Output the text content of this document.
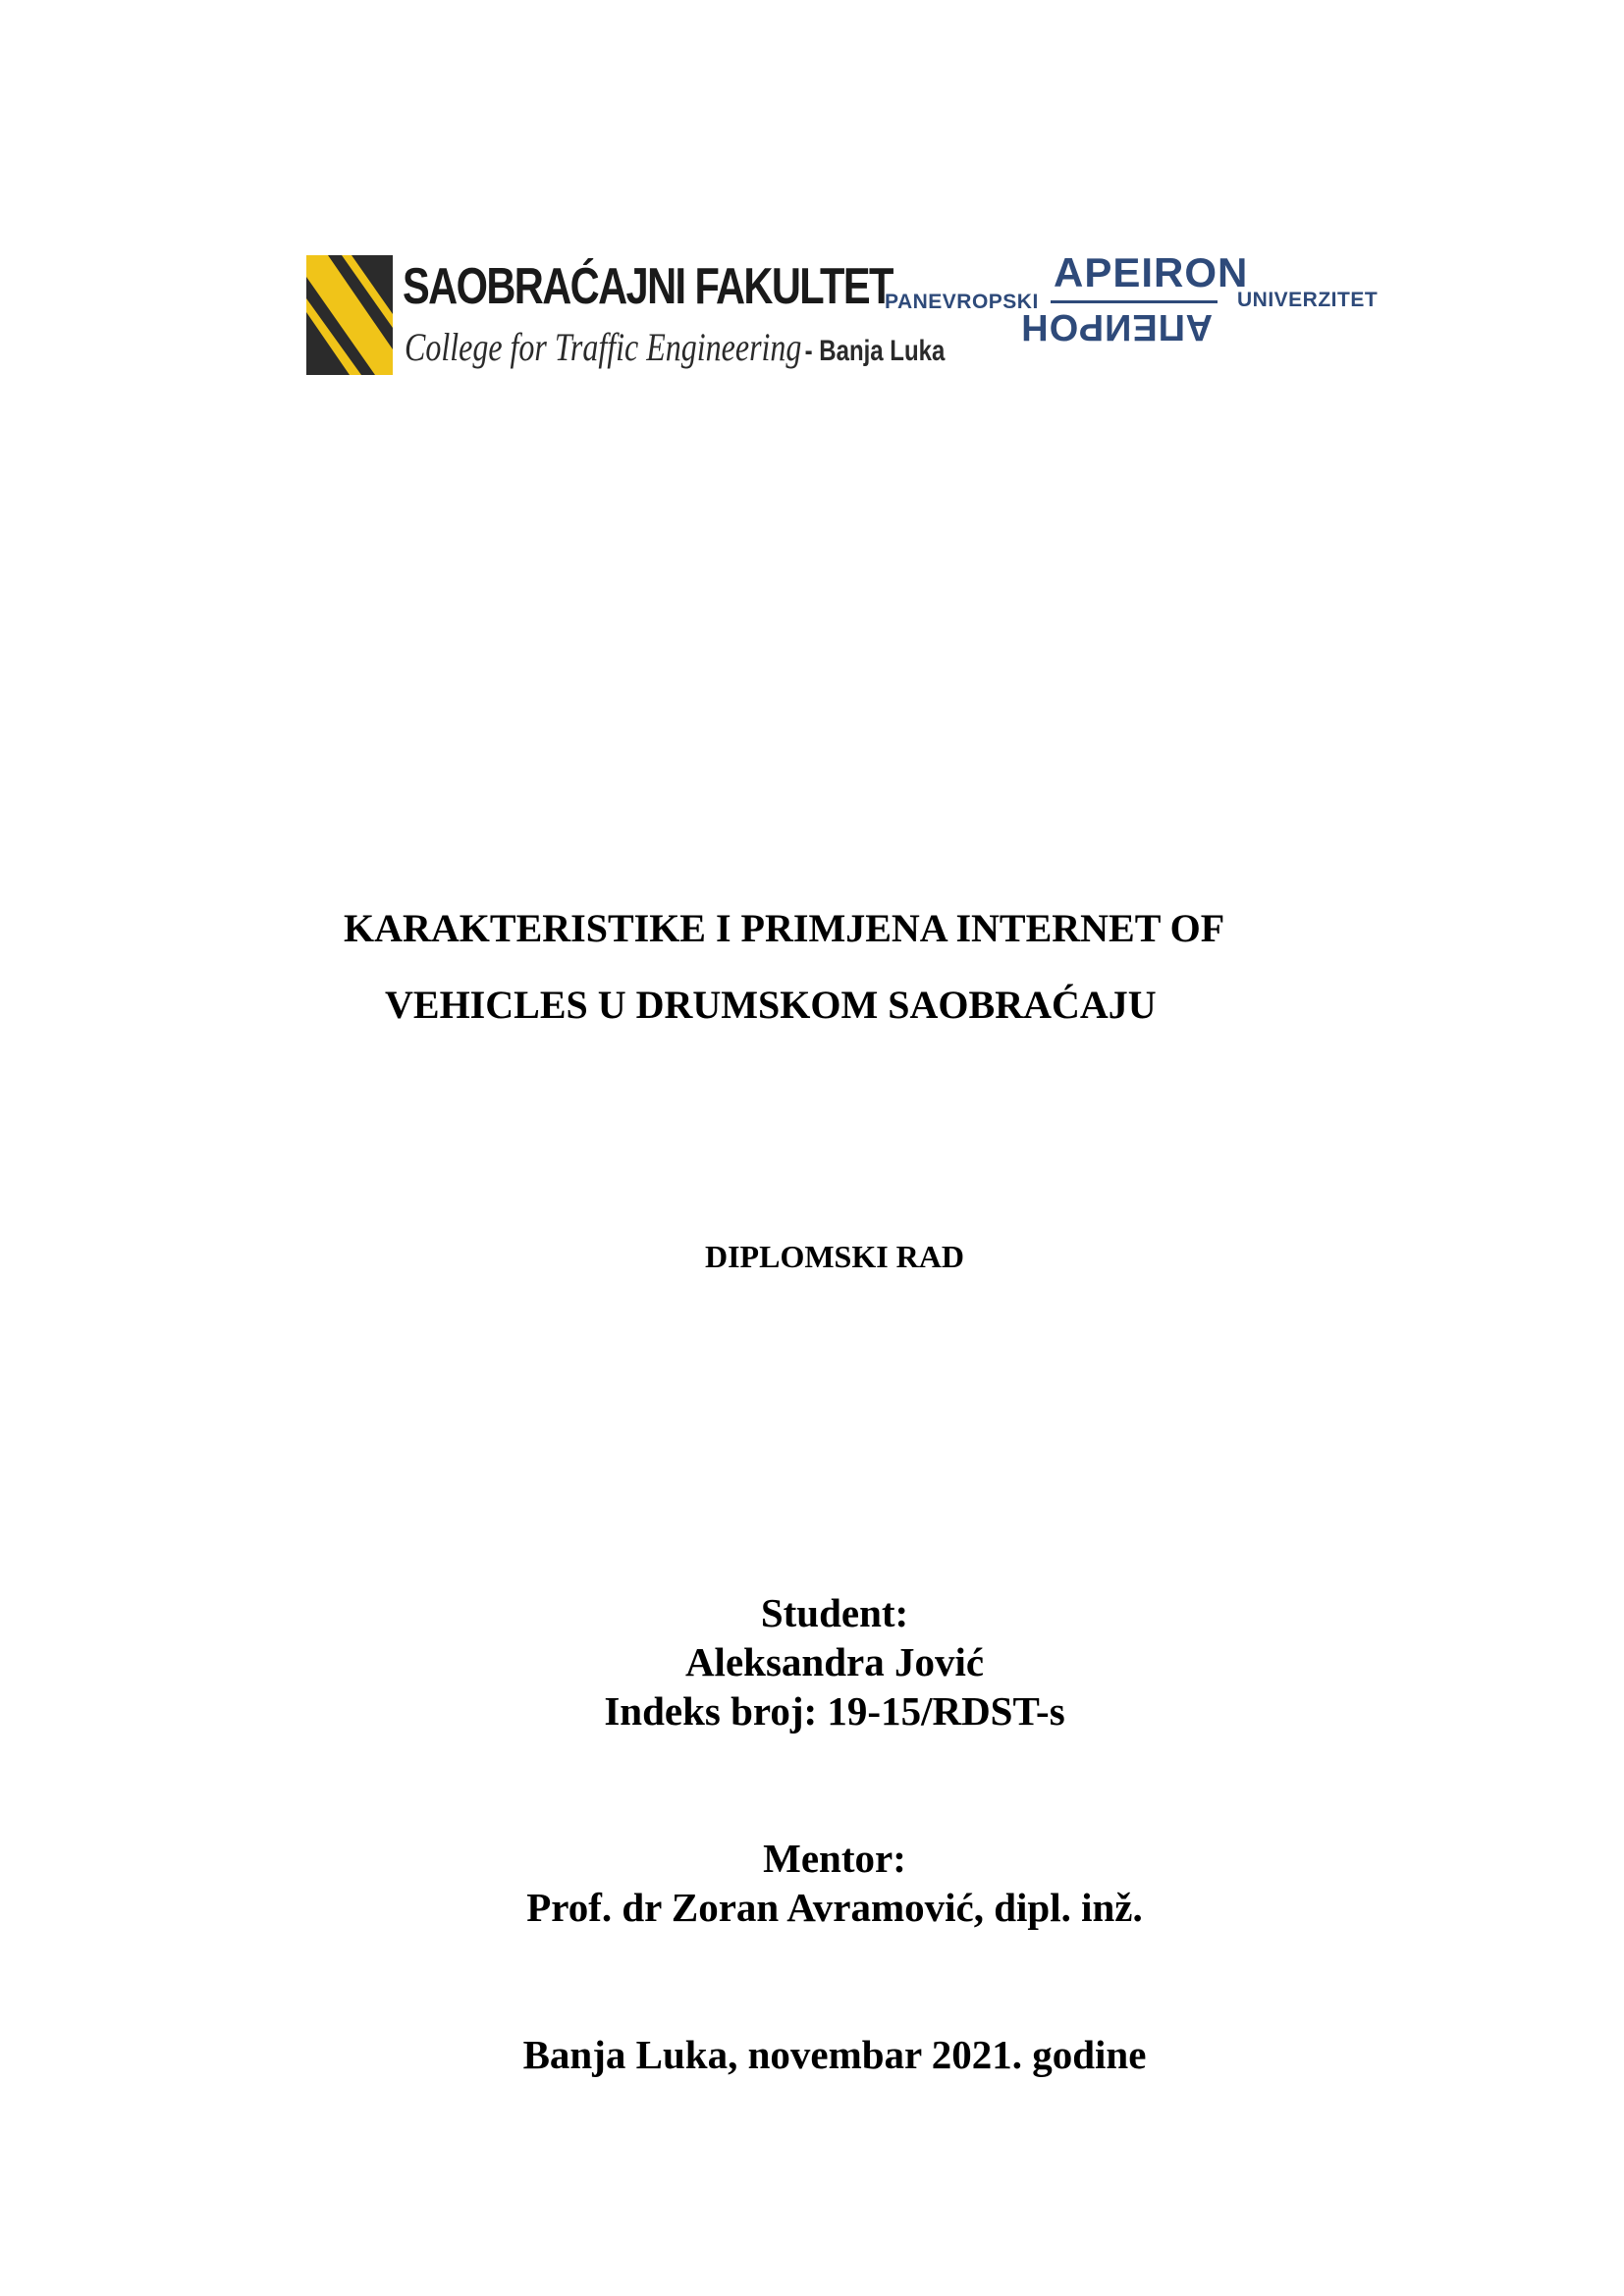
SAOBRAĆAJNI FAKULTET
College for Traffic Engineering - Banja Luka
PANEVROPSKI
APEIRON
АПЕИРОН
UNIVERZITET
KARAKTERISTIKE I PRIMJENA INTERNET OF
VEHICLES U DRUMSKOM SAOBRAĆAJU
DIPLOMSKI RAD
Student:
Aleksandra Jović
Indeks broj: 19-15/RDST-s
Mentor:
Prof. dr Zoran Avramović, dipl. inž.
Banja Luka, novembar 2021. godine
